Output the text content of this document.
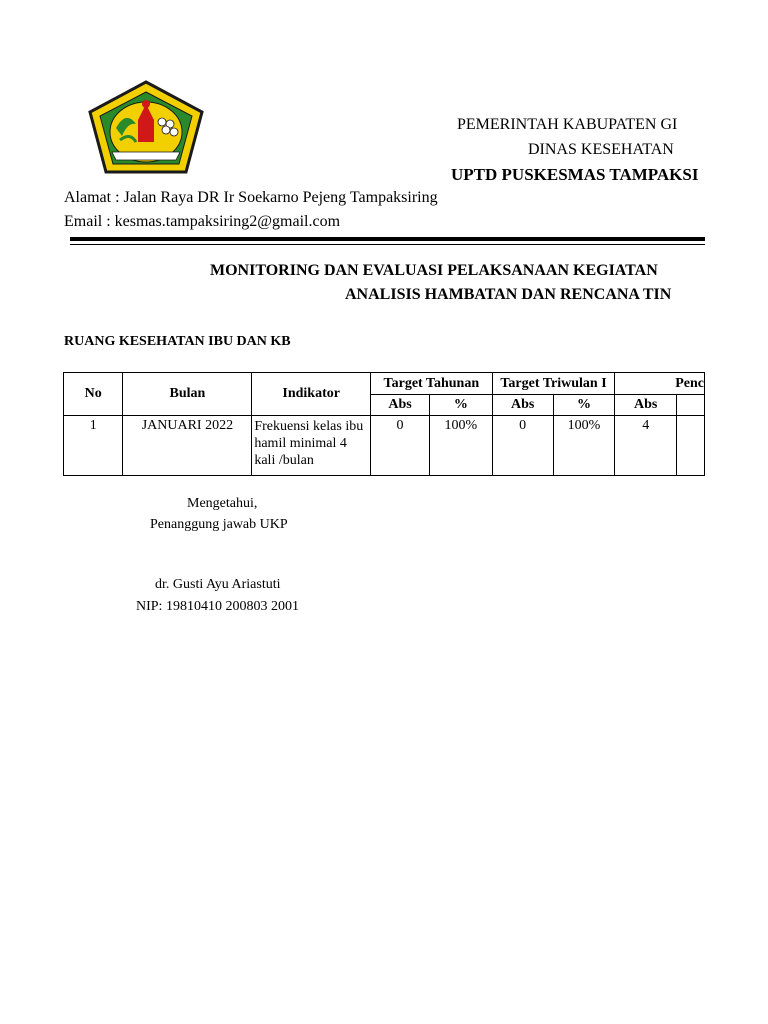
PEMERINTAH KABUPATEN GI
DINAS KESEHATAN
UPTD PUSKESMAS TAMPAKSI
Alamat : Jalan Raya DR Ir Soekarno Pejeng Tampaksiring
Email : kesmas.tampaksiring2@gmail.com
MONITORING DAN EVALUASI PELAKSANAAN KEGIATAN
ANALISIS HAMBATAN DAN RENCANA TIN
RUANG KESEHATAN IBU DAN KB
No	Bulan	Indikator	Target Tahunan		Target Triwulan I		Penc	
			Abs	%	Abs	%	Abs	
1	JANUARI 2022	Frekuensi kelas ibu hamil minimal 4 kali /bulan	0	100%	0	100%	4	
Mengetahui,
Penanggung jawab UKP
dr. Gusti Ayu Ariastuti
NIP: 19810410 200803 2001
